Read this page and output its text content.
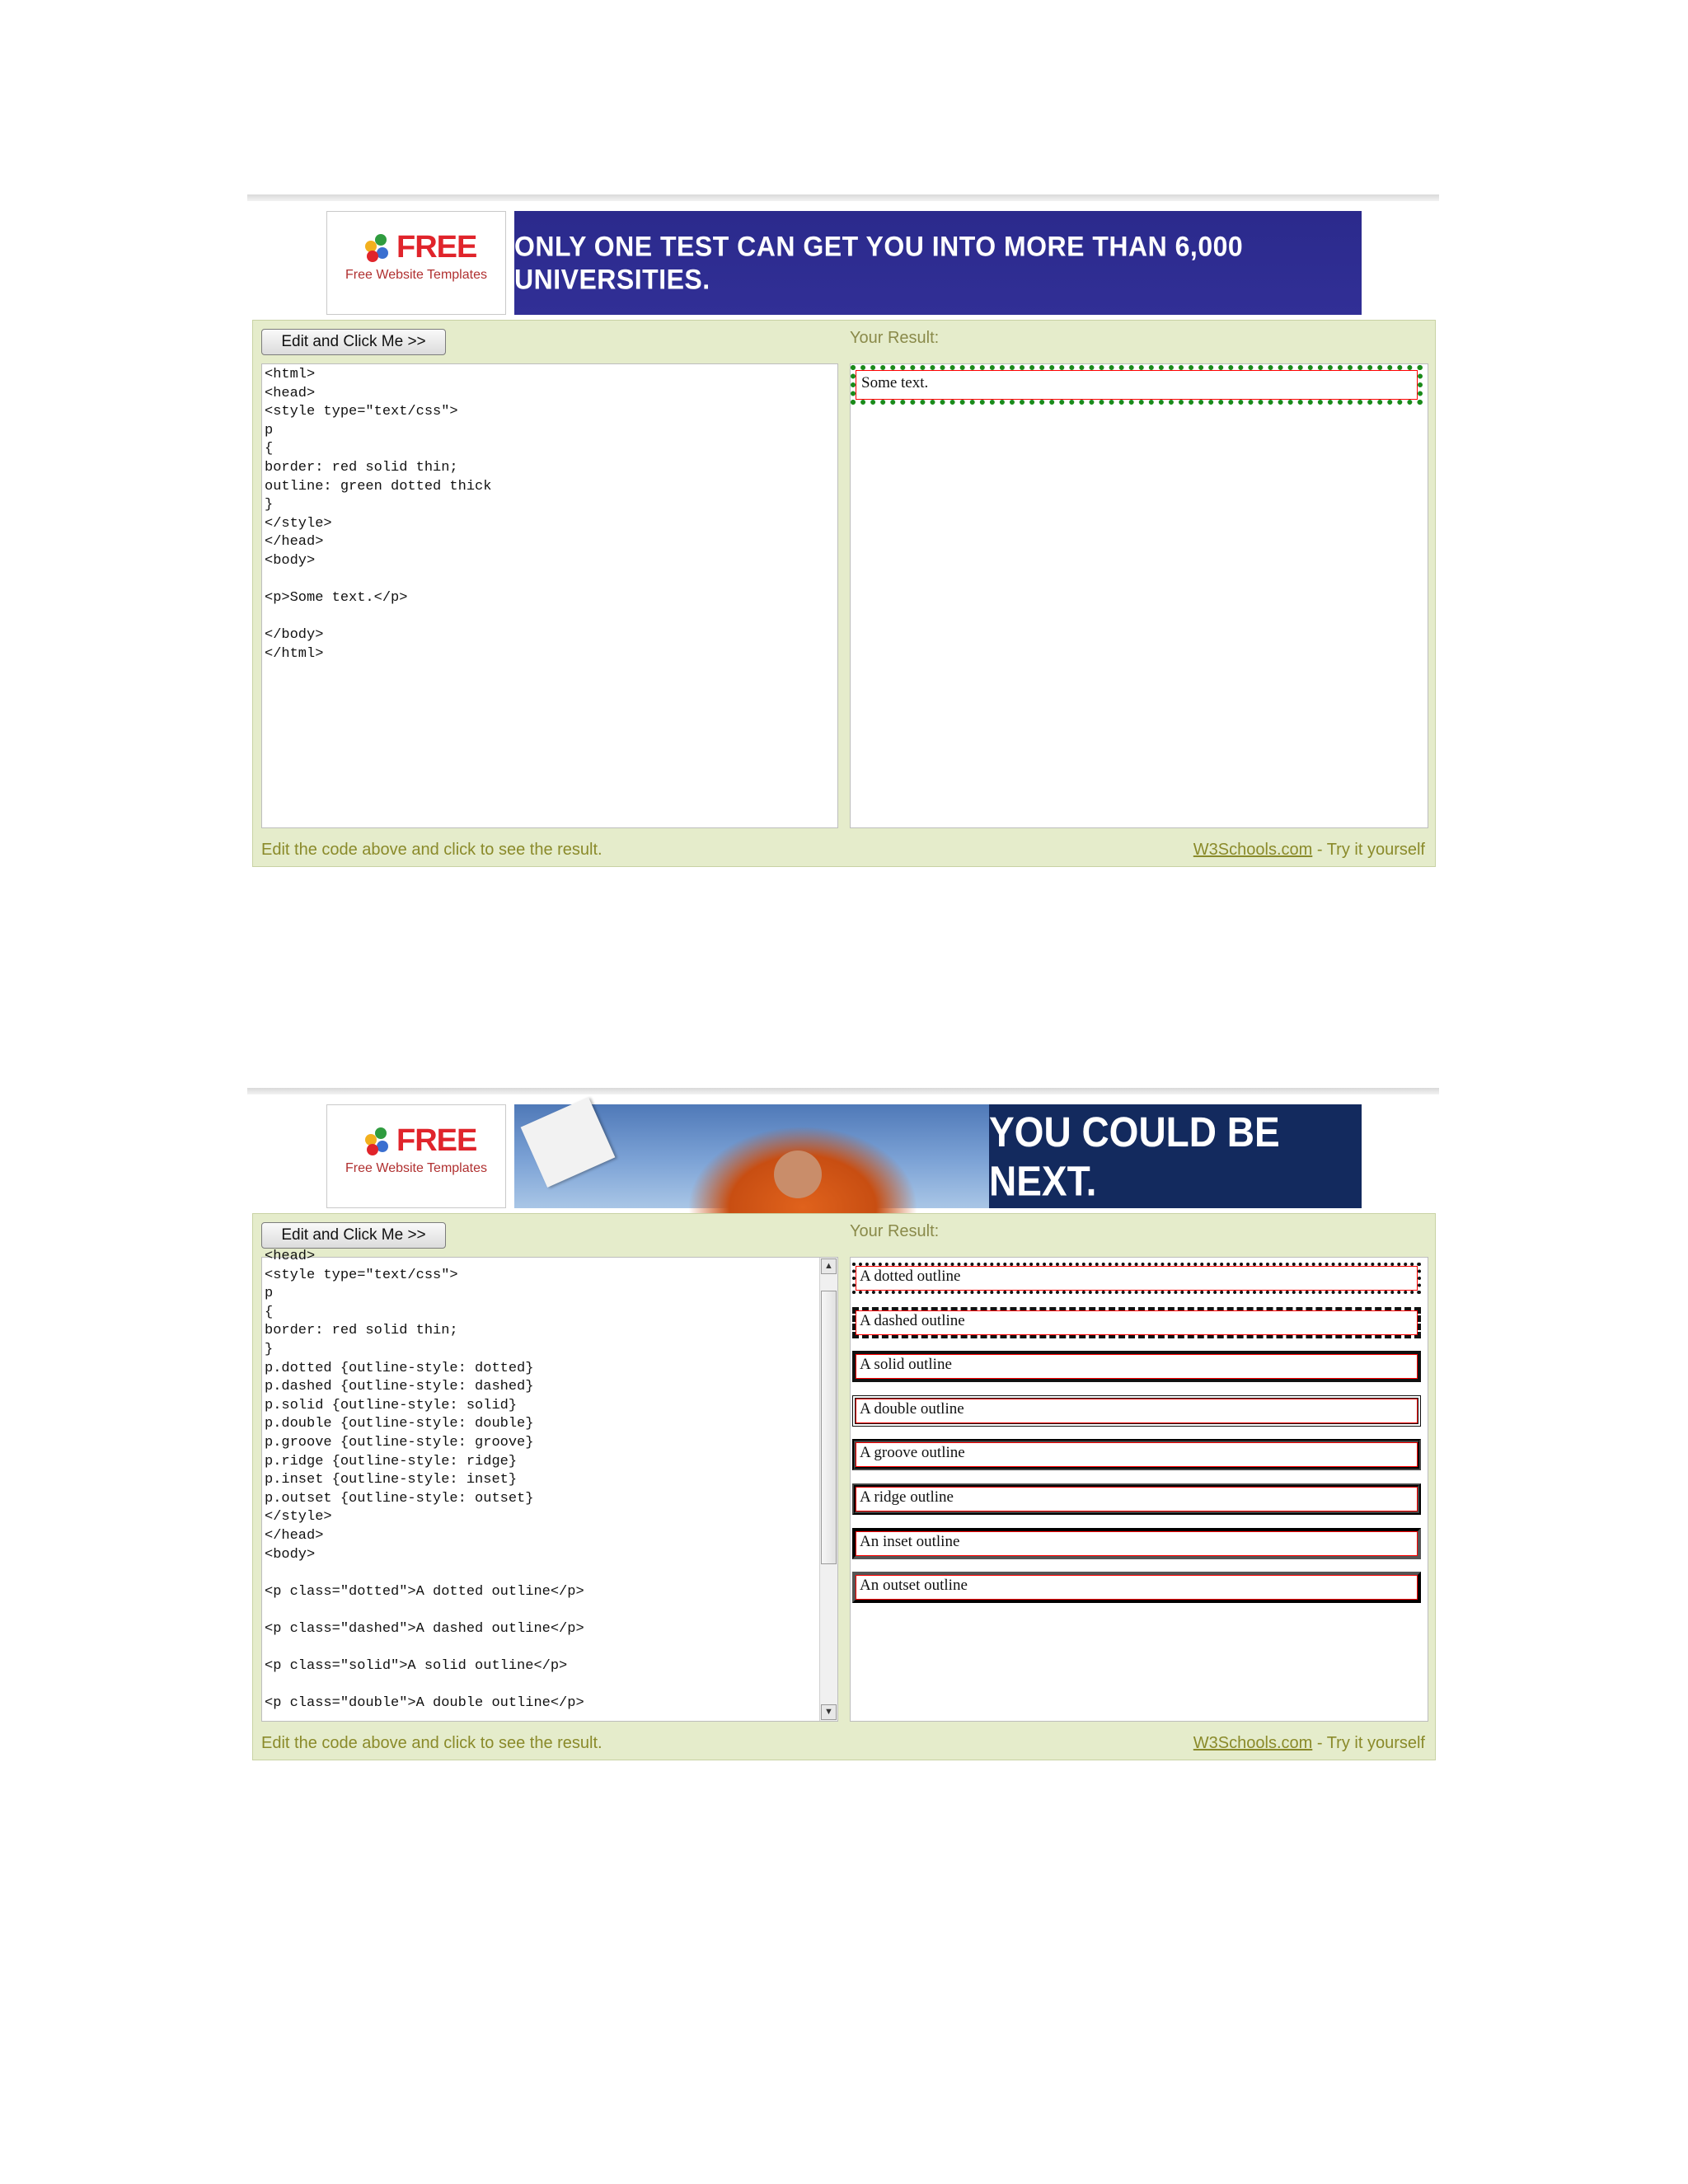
FREE
Free Website Templates
ONLY ONE TEST CAN GET YOU INTO MORE THAN 6,000 UNIVERSITIES.
Edit and Click Me >>	Your Result:
<html>
<head>
<style type="text/css">
p
{
border: red solid thin;
outline: green dotted thick
}
</style>
</head>
<body>

<p>Some text.</p>

</body>
</html>
Some text.
Edit the code above and click to see the result.	W3Schools.com - Try it yourself
FREE
Free Website Templates
YOU COULD BE NEXT.
Edit and Click Me >>	Your Result:
<head>
<style type="text/css">
p
{
border: red solid thin;
}
p.dotted {outline-style: dotted}
p.dashed {outline-style: dashed}
p.solid {outline-style: solid}
p.double {outline-style: double}
p.groove {outline-style: groove}
p.ridge {outline-style: ridge}
p.inset {outline-style: inset}
p.outset {outline-style: outset}
</style>
</head>
<body>

<p class="dotted">A dotted outline</p>

<p class="dashed">A dashed outline</p>

<p class="solid">A solid outline</p>

<p class="double">A double outline</p>
▲
▼
A dotted outline
A dashed outline
A solid outline
A double outline
A groove outline
A ridge outline
An inset outline
An outset outline
Edit the code above and click to see the result.	W3Schools.com - Try it yourself
